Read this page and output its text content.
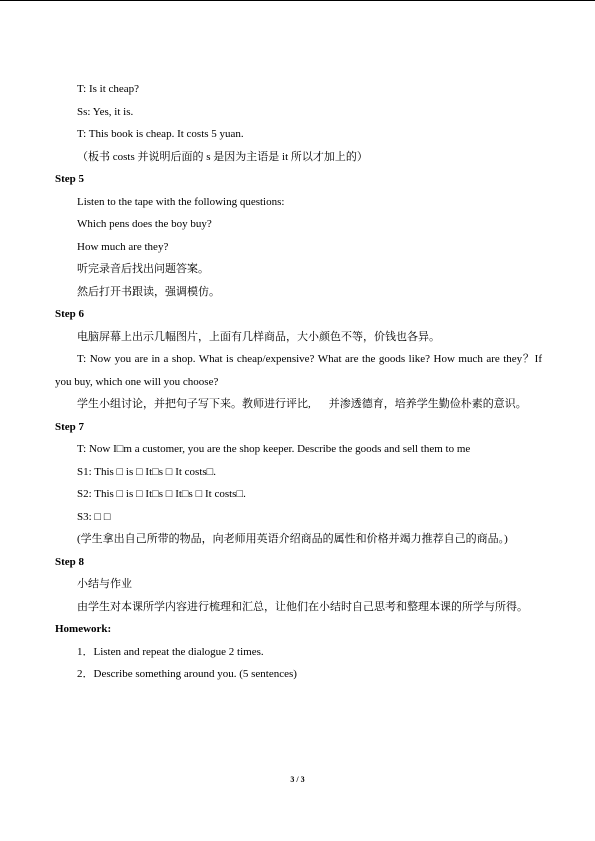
T: Is it cheap?
Ss: Yes, it is.
T: This book is cheap. It costs 5 yuan.
（板书 costs 并说明后面的 s 是因为主语是 it 所以才加上的）
Step 5
Listen to the tape with the following questions:
Which pens does the boy buy?
How much are they?
听完录音后找出问题答案。
然后打开书跟读，强调模仿。
Step 6
电脑屏幕上出示几幅图片，上面有几样商品，大小颜色不等，价钱也各异。
T: Now you are in a shop. What is cheap/expensive? What are the goods like? How much are they？If you buy, which one will you choose?
学生小组讨论，并把句子写下来。教师进行评比, 并渗透德育，培养学生勤俭朴素的意识。
Step 7
T: Now I□m a customer, you are the shop keeper. Describe the goods and sell them to me
S1: This □ is □ It□s □ It costs□.
S2: This □ is □ It□s □ It□s □ It costs□.
S3: □ □
(学生拿出自己所带的物品，向老师用英语介绍商品的属性和价格并竭力推荐自己的商品。)
Step 8
小结与作业
由学生对本课所学内容进行梳理和汇总，让他们在小结时自己思考和整理本课的所学与所得。
Homework:
1．Listen and repeat the dialogue 2 times.
2．Describe something around you. (5 sentences)
3 / 3
